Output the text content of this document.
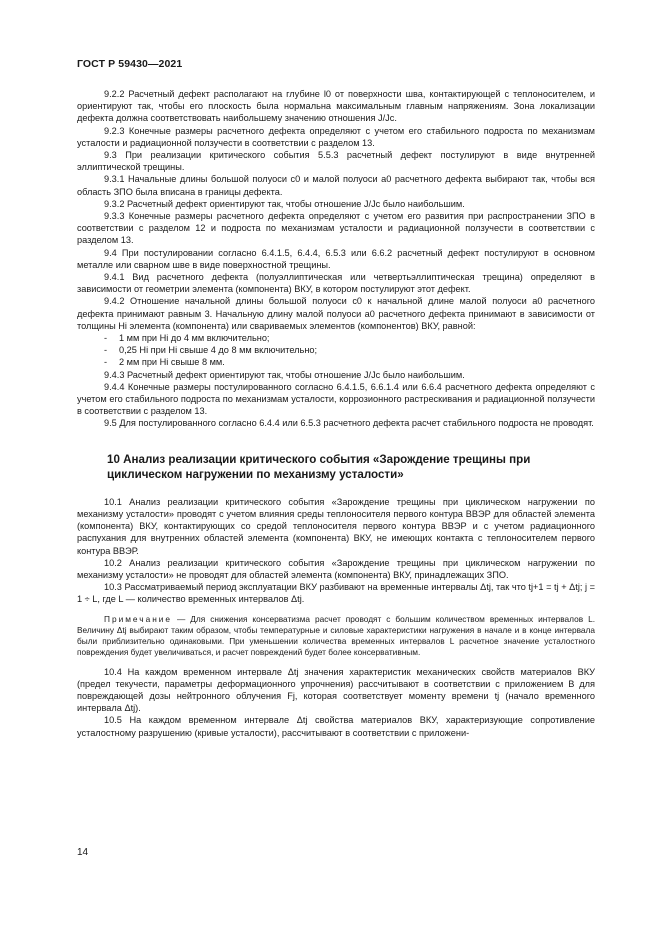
ГОСТ Р 59430—2021

9.2.2 Расчетный дефект располагают на глубине l0 от поверхности шва, контактирующей с теплоносителем, и ориентируют так, чтобы его плоскость была нормальна максимальным главным напряжениям. Зона локализации дефекта должна соответствовать наибольшему значению отношения J/Jc.

9.2.3 Конечные размеры расчетного дефекта определяют с учетом его стабильного подроста по механизмам усталости и радиационной ползучести в соответствии с разделом 13.

9.3 При реализации критического события 5.5.3 расчетный дефект постулируют в виде внутренней эллиптической трещины.

9.3.1 Начальные длины большой полуоси c0 и малой полуоси a0 расчетного дефекта выбирают так, чтобы вся область ЗПО была вписана в границы дефекта.

9.3.2 Расчетный дефект ориентируют так, чтобы отношение J/Jc было наибольшим.

9.3.3 Конечные размеры расчетного дефекта определяют с учетом его развития при распространении ЗПО в соответствии с разделом 12 и подроста по механизмам усталости и радиационной ползучести в соответствии с разделом 13.

9.4 При постулировании согласно 6.4.1.5, 6.4.4, 6.5.3 или 6.6.2 расчетный дефект постулируют в основном металле или сварном шве в виде поверхностной трещины.

9.4.1 Вид расчетного дефекта (полуэллиптическая или четвертьэллиптическая трещина) определяют в зависимости от геометрии элемента (компонента) ВКУ, в котором постулируют этот дефект.

9.4.2 Отношение начальной длины большой полуоси c0 к начальной длине малой полуоси a0 расчетного дефекта принимают равным 3. Начальную длину малой полуоси a0 расчетного дефекта принимают в зависимости от толщины Hi элемента (компонента) или свариваемых элементов (компонентов) ВКУ, равной:

- 1 мм при Hi до 4 мм включительно;

- 0,25 Hi при Hi свыше 4 до 8 мм включительно;

- 2 мм при Hi свыше 8 мм.

9.4.3 Расчетный дефект ориентируют так, чтобы отношение J/Jc было наибольшим.

9.4.4 Конечные размеры постулированного согласно 6.4.1.5, 6.6.1.4 или 6.6.4 расчетного дефекта определяют с учетом его стабильного подроста по механизмам усталости, коррозионного растрескивания и радиационной ползучести в соответствии с разделом 13.

9.5 Для постулированного согласно 6.4.4 или 6.5.3 расчетного дефекта расчет стабильного подроста не проводят.

10 Анализ реализации критического события «Зарождение трещины при циклическом нагружении по механизму усталости»

10.1 Анализ реализации критического события «Зарождение трещины при циклическом нагружении по механизму усталости» проводят с учетом влияния среды теплоносителя первого контура ВВЭР для областей элемента (компонента) ВКУ, контактирующих со средой теплоносителя первого контура ВВЭР и с учетом радиационного распухания для внутренних областей элемента (компонента) ВКУ, не имеющих контакта с теплоносителем первого контура ВВЭР.

10.2 Анализ реализации критического события «Зарождение трещины при циклическом нагружении по механизму усталости» не проводят для областей элемента (компонента) ВКУ, принадлежащих ЗПО.

10.3 Рассматриваемый период эксплуатации ВКУ разбивают на временные интервалы Δtj, так что tj+1 = tj + Δtj; j = 1 ÷ L, где L — количество временных интервалов Δtj.

Примечание — Для снижения консерватизма расчет проводят с большим количеством временных интервалов L. Величину Δtj выбирают таким образом, чтобы температурные и силовые характеристики нагружения в начале и в конце интервала были приблизительно одинаковыми. При уменьшении количества временных интервалов L расчетное значение усталостного повреждения будет увеличиваться, и расчет повреждений будет более консервативным.

10.4 На каждом временном интервале Δtj значения характеристик механических свойств материалов ВКУ (предел текучести, параметры деформационного упрочнения) рассчитывают в соответствии с приложением В для повреждающей дозы нейтронного облучения Fj, которая соответствует моменту времени tj (начало временного интервала Δtj).

10.5 На каждом временном интервале Δtj свойства материалов ВКУ, характеризующие сопротивление усталостному разрушению (кривые усталости), рассчитывают в соответствии с приложени-

14
